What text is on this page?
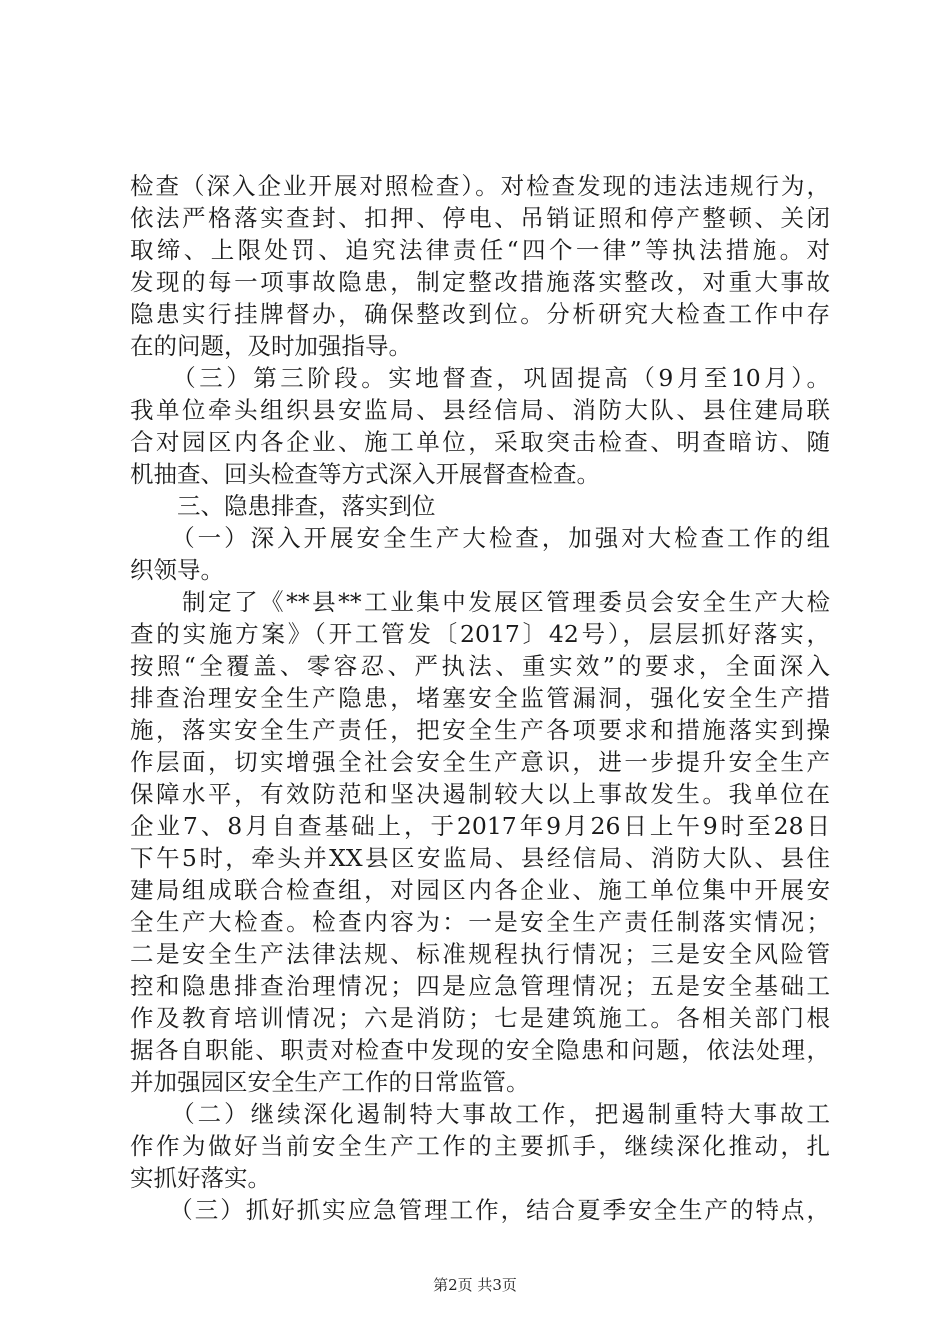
检查（深入企业开展对照检查）。对检查发现的违法违规行为，
依法严格落实查封、扣押、停电、吊销证照和停产整顿、关闭
取缔、上限处罚、追究法律责任“四个一律”等执法措施。对
发现的每一项事故隐患，制定整改措施落实整改，对重大事故
隐患实行挂牌督办，确保整改到位。分析研究大检查工作中存
在的问题，及时加强指导。
　　（三）第三阶段。实地督查，巩固提高（9月至10月）。
我单位牵头组织县安监局、县经信局、消防大队、县住建局联
合对园区内各企业、施工单位，采取突击检查、明查暗访、随
机抽查、回头检查等方式深入开展督查检查。
　　三、隐患排查，落实到位
　　（一）深入开展安全生产大检查，加强对大检查工作的组
织领导。
　　制定了《**县**工业集中发展区管理委员会安全生产大检
查的实施方案》（开工管发〔2017〕42号），层层抓好落实，
按照“全覆盖、零容忍、严执法、重实效”的要求，全面深入
排查治理安全生产隐患，堵塞安全监管漏洞，强化安全生产措
施，落实安全生产责任，把安全生产各项要求和措施落实到操
作层面，切实增强全社会安全生产意识，进一步提升安全生产
保障水平，有效防范和坚决遏制较大以上事故发生。我单位在
企业7、8月自查基础上，于2017年9月26日上午9时至28日
下午5时，牵头并XX县区安监局、县经信局、消防大队、县住
建局组成联合检查组，对园区内各企业、施工单位集中开展安
全生产大检查。检查内容为：一是安全生产责任制落实情况；
二是安全生产法律法规、标准规程执行情况；三是安全风险管
控和隐患排查治理情况；四是应急管理情况；五是安全基础工
作及教育培训情况；六是消防；七是建筑施工。各相关部门根
据各自职能、职责对检查中发现的安全隐患和问题，依法处理，
并加强园区安全生产工作的日常监管。
　　（二）继续深化遏制特大事故工作，把遏制重特大事故工
作作为做好当前安全生产工作的主要抓手，继续深化推动，扎
实抓好落实。
　　（三）抓好抓实应急管理工作，结合夏季安全生产的特点，
第2页 共3页
